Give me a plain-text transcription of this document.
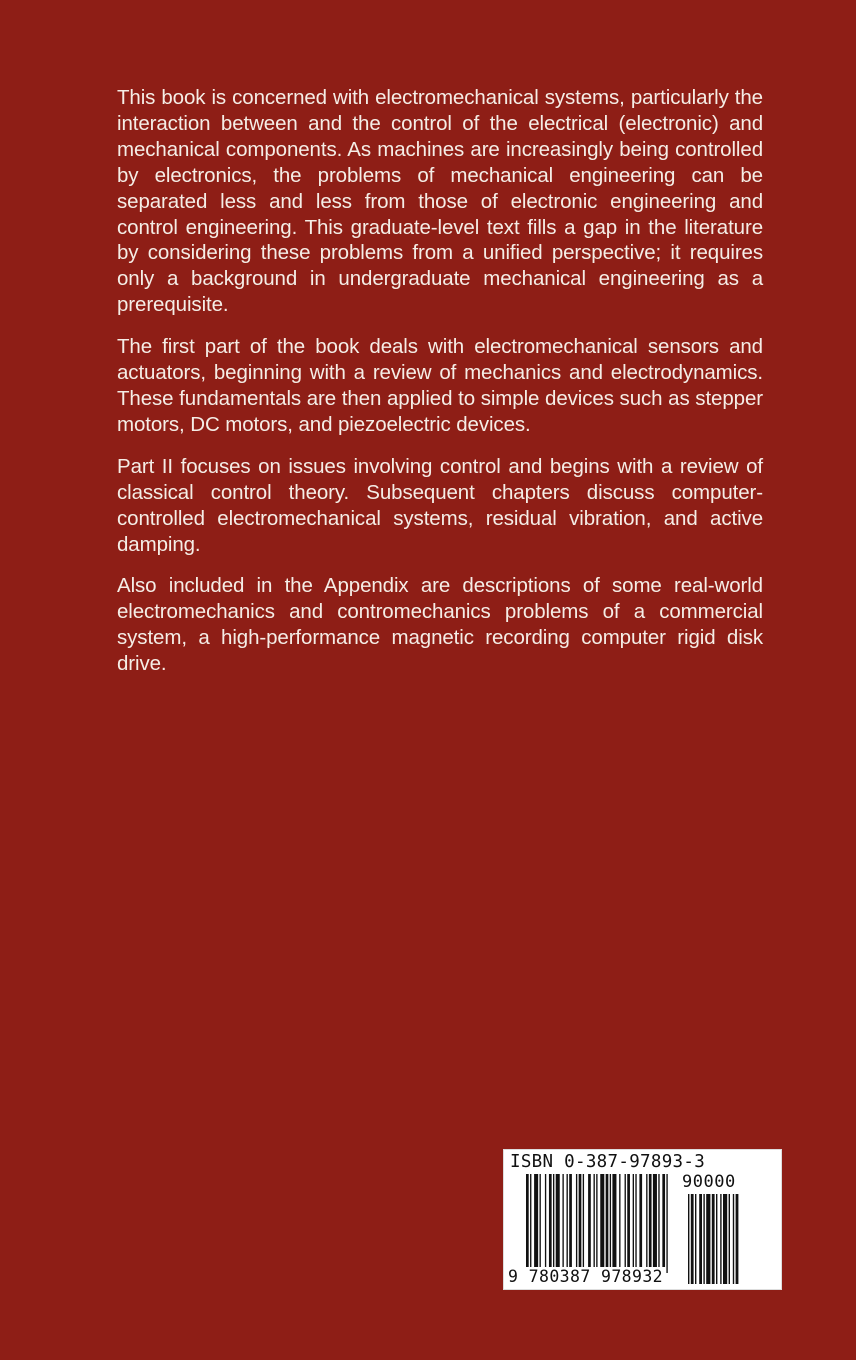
This book is concerned with electromechanical systems, particularly the interaction between and the control of the electrical (electronic) and mechanical components. As machines are increasingly being controlled by electronics, the problems of mechanical engineering can be separated less and less from those of electronic engineering and control engineering. This graduate-level text fills a gap in the literature by considering these problems from a unified perspective; it requires only a background in undergraduate mechanical engineering as a prerequisite.

The first part of the book deals with electromechanical sensors and actuators, beginning with a review of mechanics and electrodynamics. These fundamentals are then applied to simple devices such as stepper motors, DC motors, and piezoelectric devices.

Part II focuses on issues involving control and begins with a review of classical control theory. Subsequent chapters discuss computer-controlled electromechanical systems, residual vibration, and active damping.

Also included in the Appendix are descriptions of some real-world electromechanics and contromechanics problems of a commercial system, a high-performance magnetic recording computer rigid disk drive.

ISBN 0-387-97893-3
90000
9 780387 978932
